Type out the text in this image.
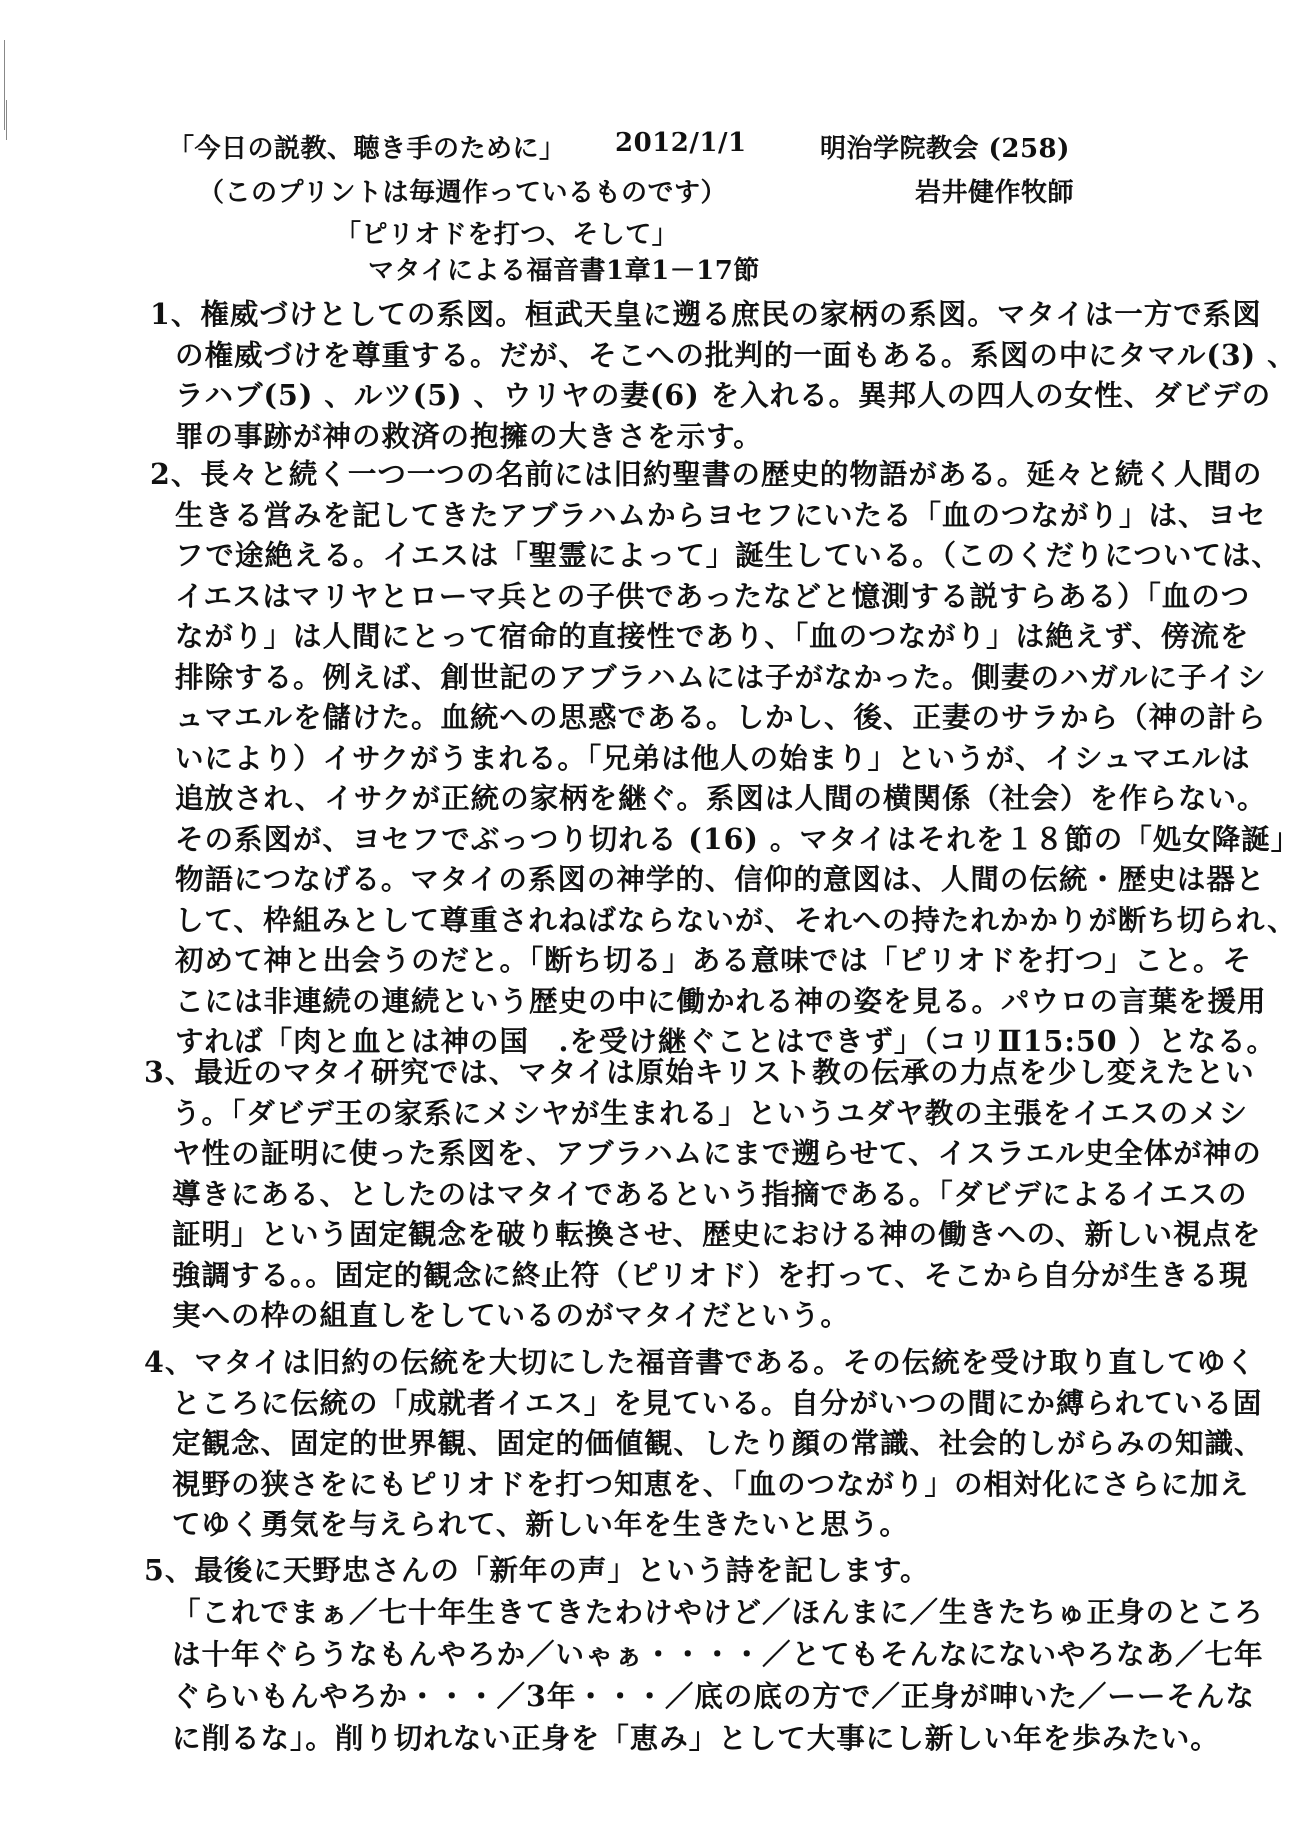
「今日の説教、聴き手のために」 2012/1/1	明治学院教会 (258)
（このプリントは毎週作っているものです）	岩井健作牧師
「ピリオドを打つ、そして」
マタイによる福音書1章1－17節
1、権威づけとしての系図。桓武天皇に遡る庶民の家柄の系図。マタイは一方で系図
の権威づけを尊重する。だが、そこへの批判的一面もある。系図の中にタマル(3) 、
ラハブ(5) 、ルツ(5) 、ウリヤの妻(6) を入れる。異邦人の四人の女性、ダビデの
罪の事跡が神の救済の抱擁の大きさを示す。
2、長々と続く一つ一つの名前には旧約聖書の歴史的物語がある。延々と続く人間の
生きる営みを記してきたアブラハムからヨセフにいたる「血のつながり」は、ヨセ
フで途絶える。イエスは「聖霊によって」誕生している。（このくだりについては、
イエスはマリヤとローマ兵との子供であったなどと憶測する説すらある）「血のつ
ながり」は人間にとって宿命的直接性であり、「血のつながり」は絶えず、傍流を
排除する。例えば、創世記のアブラハムには子がなかった。側妻のハガルに子イシ
ュマエルを儲けた。血統への思惑である。しかし、後、正妻のサラから（神の計ら
いにより）イサクがうまれる。「兄弟は他人の始まり」というが、イシュマエルは
追放され、イサクが正統の家柄を継ぐ。系図は人間の横関係（社会）を作らない。
その系図が、ヨセフでぶっつり切れる (16) 。マタイはそれを１８節の「処女降誕」
物語につなげる。マタイの系図の神学的、信仰的意図は、人間の伝統・歴史は器と
して、枠組みとして尊重されねばならないが、それへの持たれかかりが断ち切られ、
初めて神と出会うのだと。「断ち切る」ある意味では「ピリオドを打つ」こと。そ
こには非連続の連続という歴史の中に働かれる神の姿を見る。パウロの言葉を援用
すれば「肉と血とは神の国　.を受け継ぐことはできず」（コリⅡ15:50 ）となる。
3、最近のマタイ研究では、マタイは原始キリスト教の伝承の力点を少し変えたとい
う。「ダビデ王の家系にメシヤが生まれる」というユダヤ教の主張をイエスのメシ
ヤ性の証明に使った系図を、アブラハムにまで遡らせて、イスラエル史全体が神の
導きにある、としたのはマタイであるという指摘である。「ダビデによるイエスの
証明」という固定観念を破り転換させ、歴史における神の働きへの、新しい視点を
強調する。。固定的観念に終止符（ピリオド）を打って、そこから自分が生きる現
実への枠の組直しをしているのがマタイだという。
4、マタイは旧約の伝統を大切にした福音書である。その伝統を受け取り直してゆく
ところに伝統の「成就者イエス」を見ている。自分がいつの間にか縛られている固
定観念、固定的世界観、固定的価値観、したり顔の常識、社会的しがらみの知識、
視野の狭さをにもピリオドを打つ知恵を、「血のつながり」の相対化にさらに加え
てゆく勇気を与えられて、新しい年を生きたいと思う。
5、最後に天野忠さんの「新年の声」という詩を記します。
「これでまぁ／七十年生きてきたわけやけど／ほんまに／生きたちゅ正身のところ
は十年ぐらうなもんやろか／いゃぁ・・・・／とてもそんなにないやろなあ／七年
ぐらいもんやろか・・・／3年・・・／底の底の方で／正身が呻いた／ーーそんな
に削るな」。削り切れない正身を「恵み」として大事にし新しい年を歩みたい。
